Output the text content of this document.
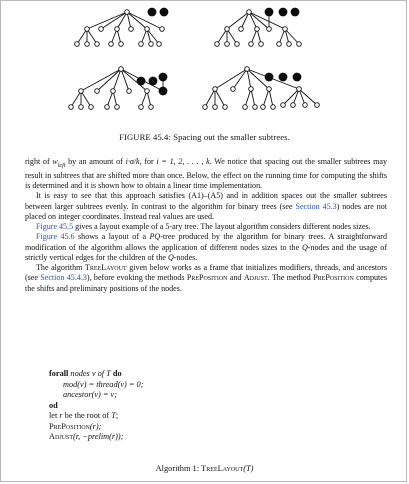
FIGURE 45.4: Spacing out the smaller subtrees.

right of $w_{left}$ by an amount of i·σ/k, for i = 1, 2, . . . , k. We notice that spacing out the smaller subtrees may result in subtrees that are shifted more than once. Below, the effect on the running time for computing the shifts is determined and it is shown how to obtain a linear time implementation.

It is easy to see that this approach satisfies (A1)–(A5) and in addition spaces out the smaller subtrees between larger subtrees evenly. In contrast to the algorithm for binary trees (see Section 45.3) nodes are not placed on integer coordinates. Instead real values are used.

Figure 45.5 gives a layout example of a 5-ary tree. The layout algorithm considers different nodes sizes.

Figure 45.6 shows a layout of a PQ-tree produced by the algorithm for binary trees. A straightforward modification of the algorithm allows the application of different nodes sizes to the Q-nodes and the usage of strictly vertical edges for the children of the Q-nodes.

The algorithm TreeLayout given below works as a frame that initializes modifiers, threads, and ancestors (see Section 45.4.3), before evoking the methods PrePosition and Adjust. The method PrePosition computes the shifts and preliminary positions of the nodes.

forall nodes v of T do
mod(v) = thread(v) = 0;
ancestor(v) = v;
od
let r be the root of T;
PrePosition(r);
Adjust(r, −prelim(r));
Algorithm 1: TreeLayout(T)
